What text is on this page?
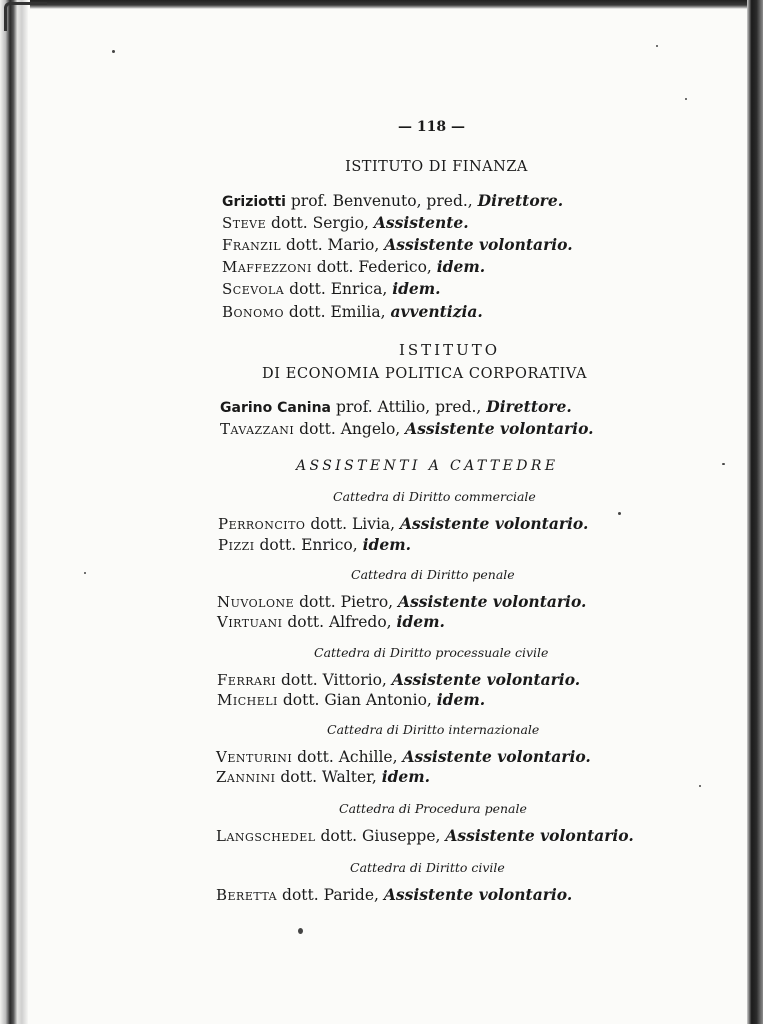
— 118 —
ISTITUTO DI FINANZA
Griziotti prof. Benvenuto, pred., Direttore.
Steve dott. Sergio, Assistente.
Franzil dott. Mario, Assistente volontario.
Maffezzoni dott. Federico, idem.
Scevola dott. Enrica, idem.
Bonomo dott. Emilia, avventizia.
ISTITUTO
DI ECONOMIA POLITICA CORPORATIVA
Garino Canina prof. Attilio, pred., Direttore.
Tavazzani dott. Angelo, Assistente volontario.
ASSISTENTI A CATTEDRE
Cattedra di Diritto commerciale
Perroncito dott. Livia, Assistente volontario.
Pizzi dott. Enrico, idem.
Cattedra di Diritto penale
Nuvolone dott. Pietro, Assistente volontario.
Virtuani dott. Alfredo, idem.
Cattedra di Diritto processuale civile
Ferrari dott. Vittorio, Assistente volontario.
Micheli dott. Gian Antonio, idem.
Cattedra di Diritto internazionale
Venturini dott. Achille, Assistente volontario.
Zannini dott. Walter, idem.
Cattedra di Procedura penale
Langschedel dott. Giuseppe, Assistente volontario.
Cattedra di Diritto civile
Beretta dott. Paride, Assistente volontario.
